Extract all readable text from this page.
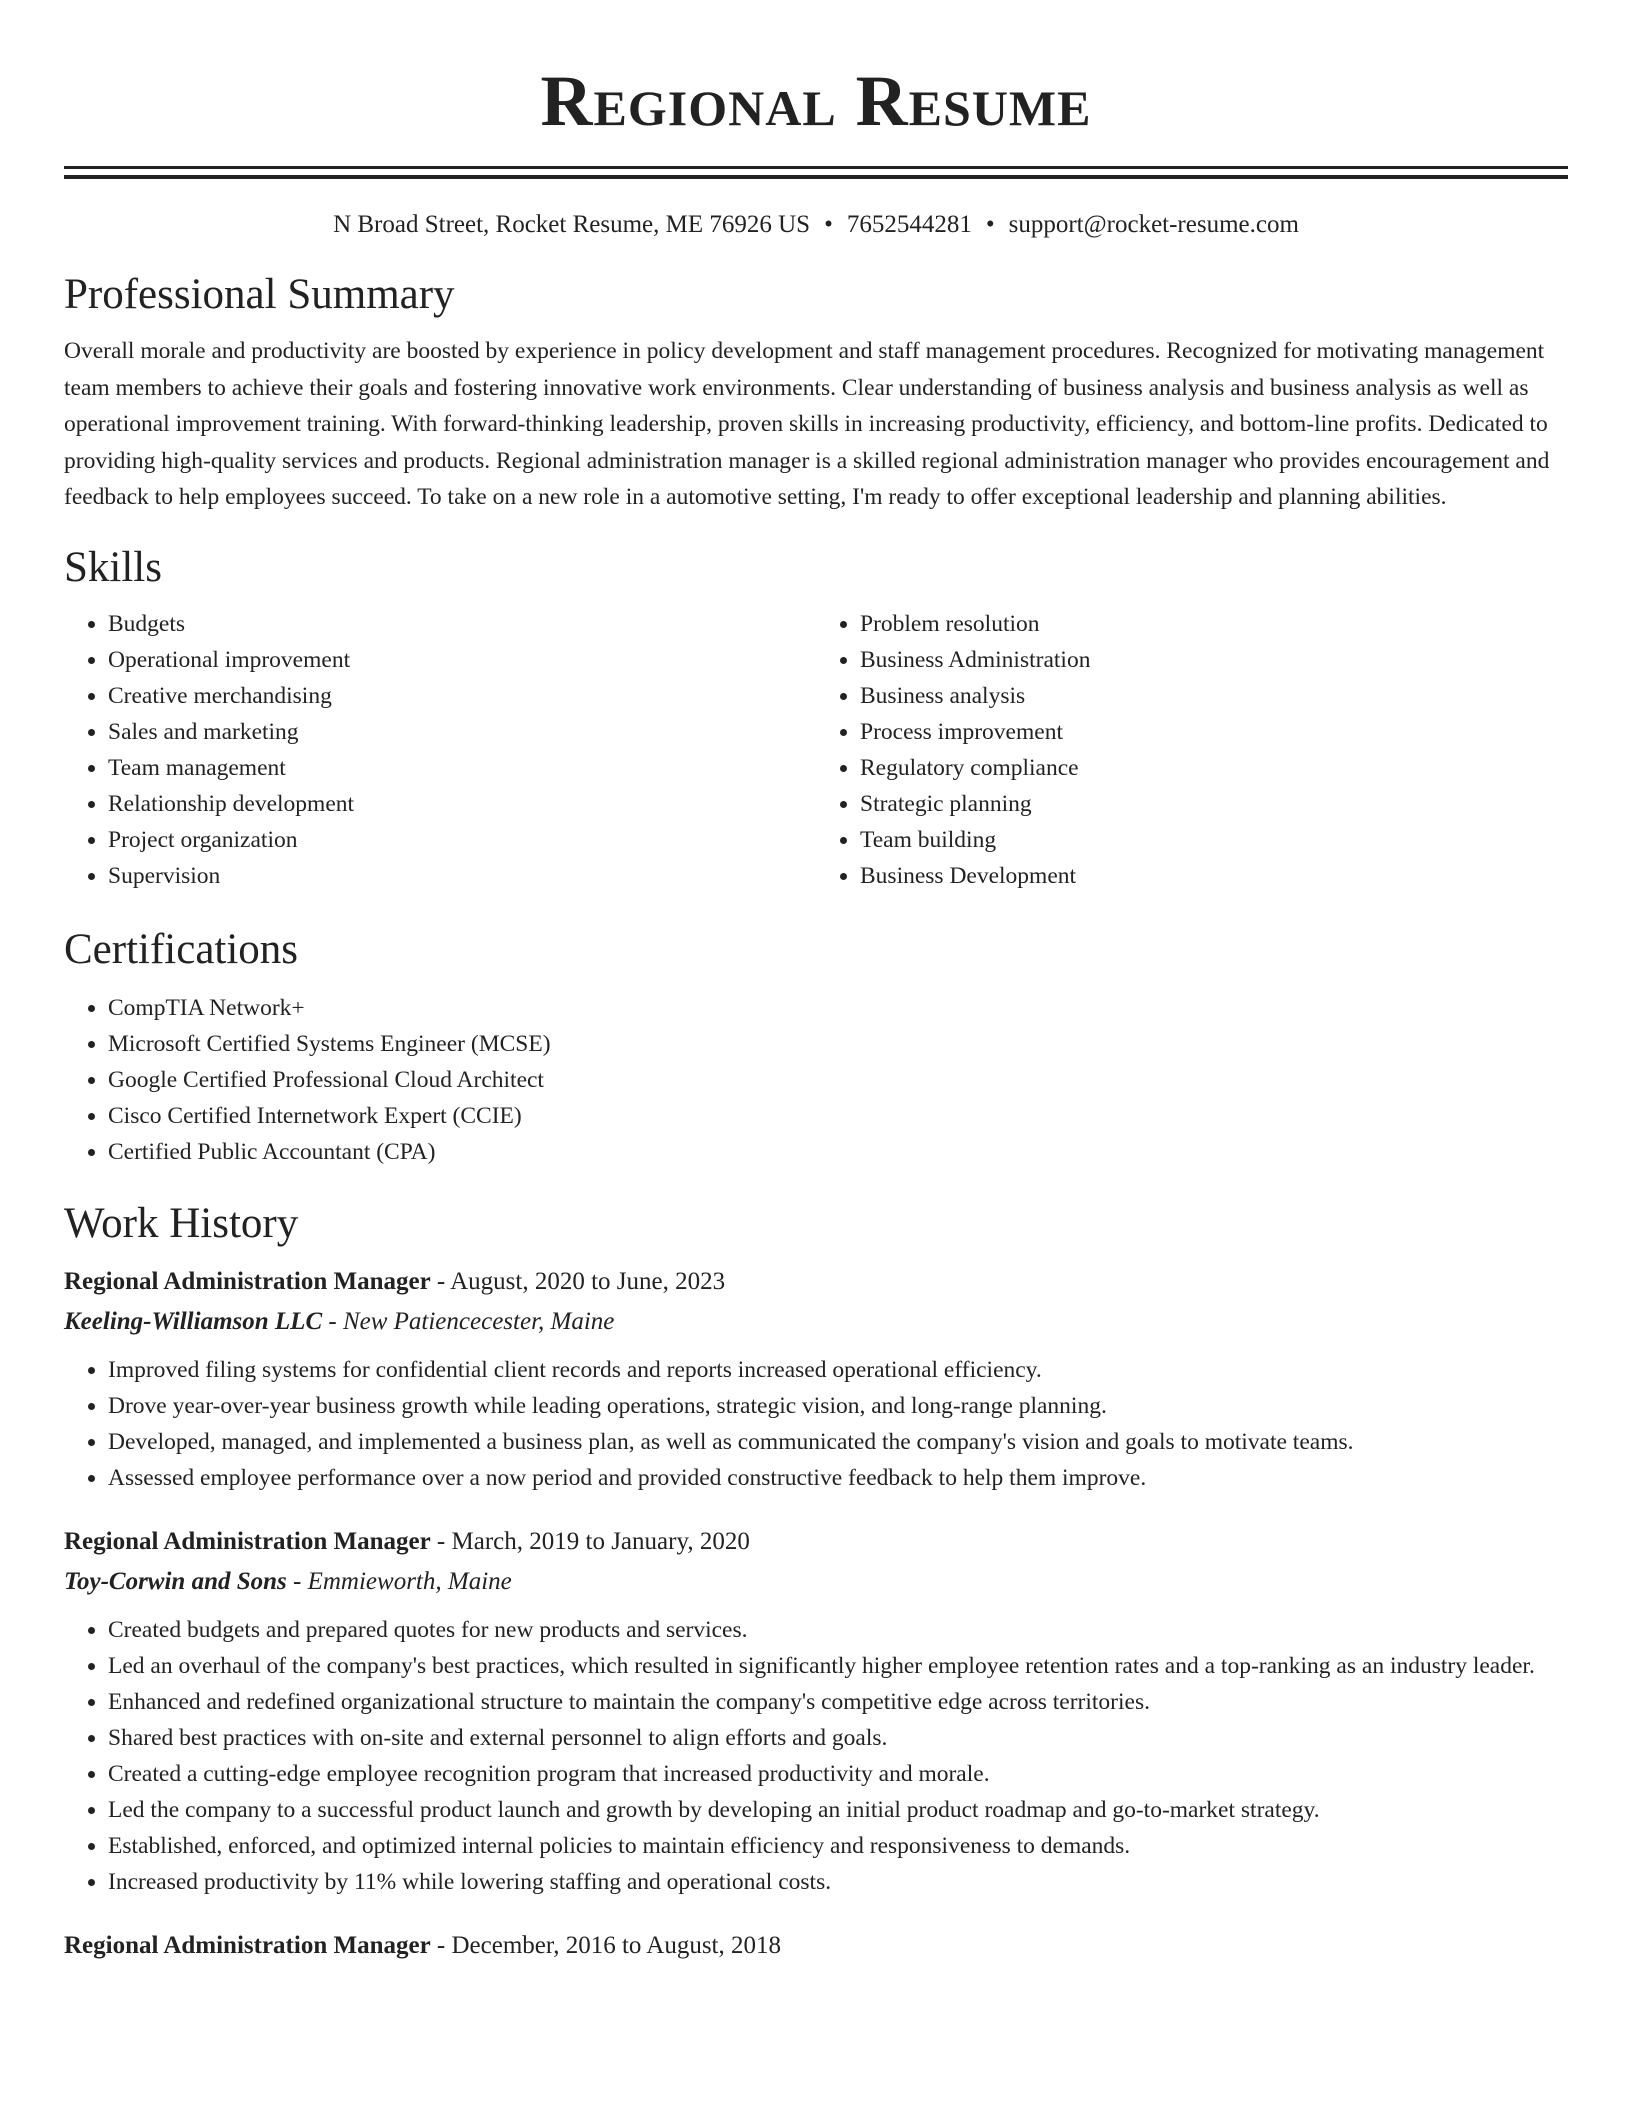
Regional Resume
N Broad Street, Rocket Resume, ME 76926 US • 7652544281 • support@rocket-resume.com
Professional Summary
Overall morale and productivity are boosted by experience in policy development and staff management procedures. Recognized for motivating management team members to achieve their goals and fostering innovative work environments. Clear understanding of business analysis and business analysis as well as operational improvement training. With forward-thinking leadership, proven skills in increasing productivity, efficiency, and bottom-line profits. Dedicated to providing high-quality services and products. Regional administration manager is a skilled regional administration manager who provides encouragement and feedback to help employees succeed. To take on a new role in a automotive setting, I'm ready to offer exceptional leadership and planning abilities.
Skills
• Budgets
• Operational improvement
• Creative merchandising
• Sales and marketing
• Team management
• Relationship development
• Project organization
• Supervision
• Problem resolution
• Business Administration
• Business analysis
• Process improvement
• Regulatory compliance
• Strategic planning
• Team building
• Business Development
Certifications
• CompTIA Network+
• Microsoft Certified Systems Engineer (MCSE)
• Google Certified Professional Cloud Architect
• Cisco Certified Internetwork Expert (CCIE)
• Certified Public Accountant (CPA)
Work History
Regional Administration Manager - August, 2020 to June, 2023
Keeling-Williamson LLC - New Patiencecester, Maine
• Improved filing systems for confidential client records and reports increased operational efficiency.
• Drove year-over-year business growth while leading operations, strategic vision, and long-range planning.
• Developed, managed, and implemented a business plan, as well as communicated the company's vision and goals to motivate teams.
• Assessed employee performance over a now period and provided constructive feedback to help them improve.
Regional Administration Manager - March, 2019 to January, 2020
Toy-Corwin and Sons - Emmieworth, Maine
• Created budgets and prepared quotes for new products and services.
• Led an overhaul of the company's best practices, which resulted in significantly higher employee retention rates and a top-ranking as an industry leader.
• Enhanced and redefined organizational structure to maintain the company's competitive edge across territories.
• Shared best practices with on-site and external personnel to align efforts and goals.
• Created a cutting-edge employee recognition program that increased productivity and morale.
• Led the company to a successful product launch and growth by developing an initial product roadmap and go-to-market strategy.
• Established, enforced, and optimized internal policies to maintain efficiency and responsiveness to demands.
• Increased productivity by 11% while lowering staffing and operational costs.
Regional Administration Manager - December, 2016 to August, 2018
